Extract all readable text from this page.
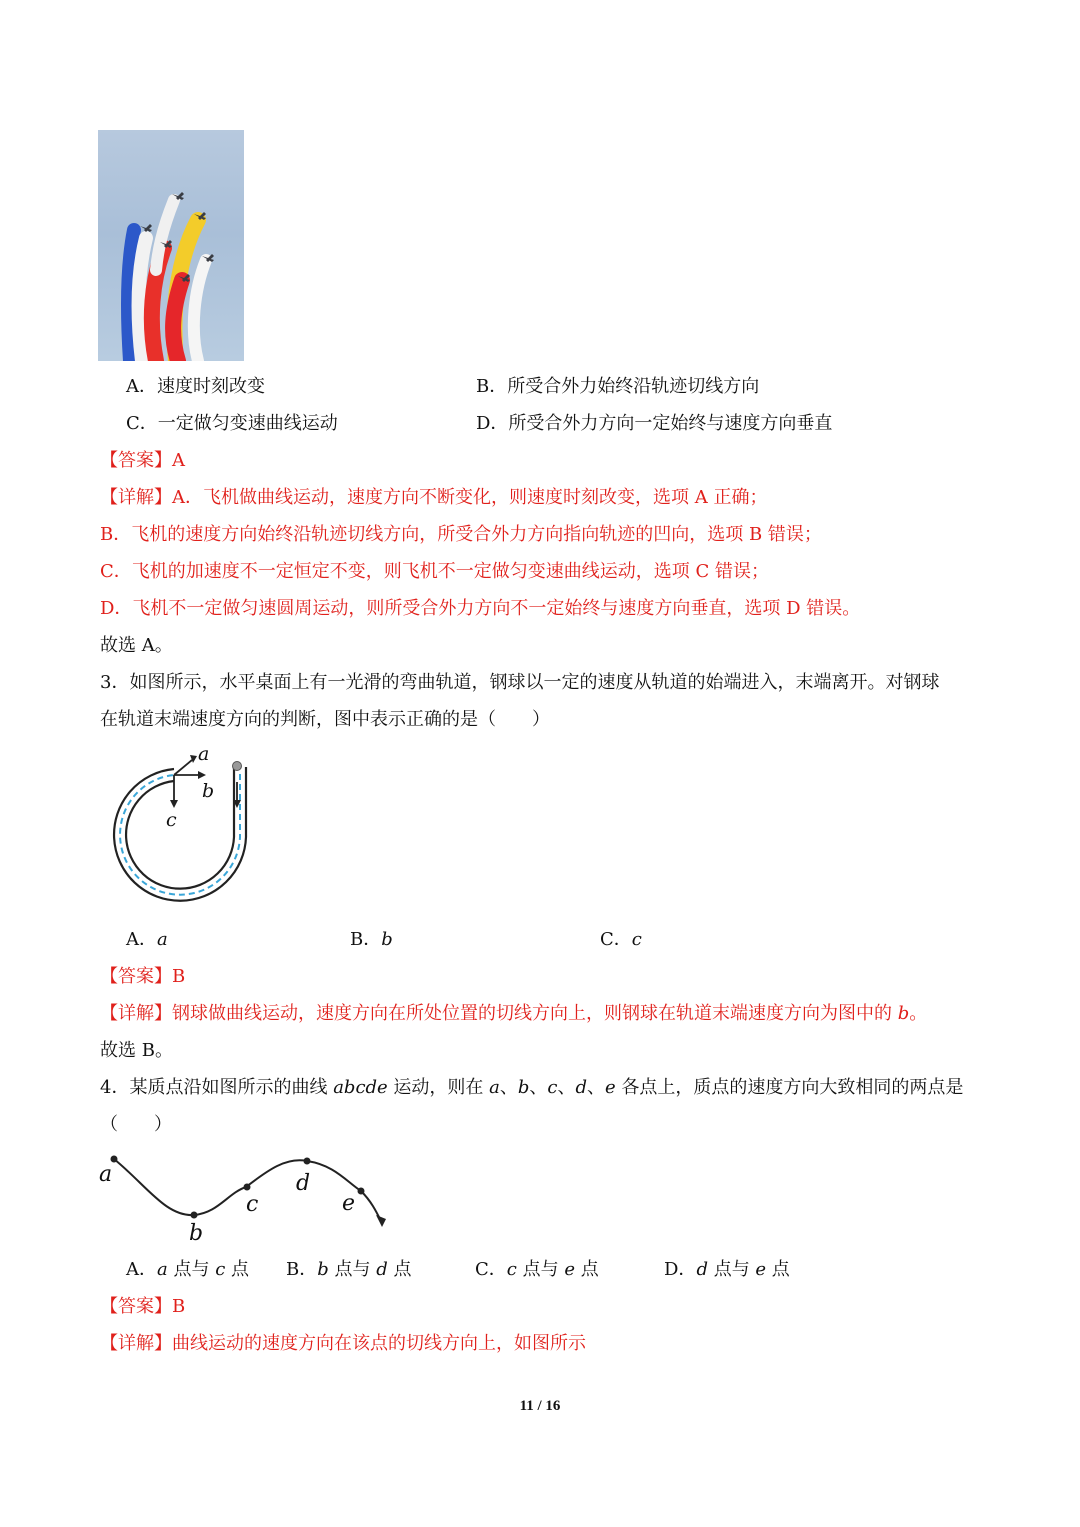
A．速度时刻改变	B．所受合外力始终沿轨迹切线方向
C．一定做匀变速曲线运动	D．所受合外力方向一定始终与速度方向垂直
【答案】A
【详解】A．飞机做曲线运动，速度方向不断变化，则速度时刻改变，选项 A 正确；
B．飞机的速度方向始终沿轨迹切线方向，所受合外力方向指向轨迹的凹向，选项 B 错误；
C．飞机的加速度不一定恒定不变，则飞机不一定做匀变速曲线运动，选项 C 错误；
D．飞机不一定做匀速圆周运动，则所受合外力方向不一定始终与速度方向垂直，选项 D 错误。
故选 A。
3．如图所示，水平桌面上有一光滑的弯曲轨道，钢球以一定的速度从轨道的始端进入，末端离开。对钢球
在轨道末端速度方向的判断，图中表示正确的是（　　）
a
b
c
A．a	B．b	C．c
【答案】B
【详解】钢球做曲线运动，速度方向在所处位置的切线方向上，则钢球在轨道末端速度方向为图中的 b。
故选 B。
4．某质点沿如图所示的曲线 abcde 运动，则在 a、b、c、d、e 各点上，质点的速度方向大致相同的两点是
（　　）
a
b
c
d
e
A．a 点与 c 点 B．b 点与 d 点	C．c 点与 e 点	D．d 点与 e 点
【答案】B
【详解】曲线运动的速度方向在该点的切线方向上，如图所示
11 / 16
